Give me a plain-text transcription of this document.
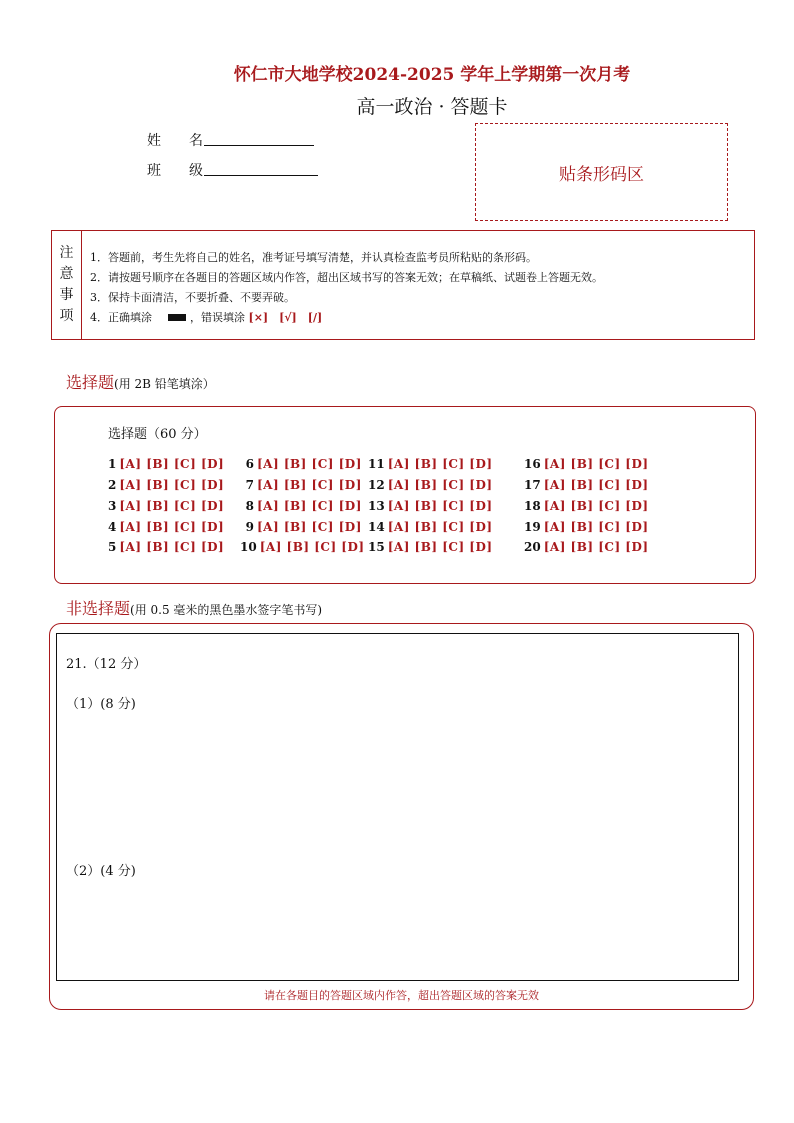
怀仁市大地学校2024-2025 学年上学期第一次月考
高一政治 · 答题卡
姓　　名
班　　级	贴条形码区
注
意
事
项
1．答题前，考生先将自己的姓名，准考证号填写清楚，并认真检查监考员所粘贴的条形码。
2．请按题号顺序在各题目的答题区域内作答，超出区域书写的答案无效；在草稿纸、试题卷上答题无效。
3．保持卡面清洁，不要折叠、不要弄破。
4．正确填涂	，错误填涂 [×]　[√]　[/]
选择题(用 2B 铅笔填涂）
选择题（60 分）
1 [A] [B] [C] [D]
2 [A] [B] [C] [D]
3 [A] [B] [C] [D]
4 [A] [B] [C] [D]
5 [A] [B] [C] [D]
6 [A] [B] [C] [D]
7 [A] [B] [C] [D]
8 [A] [B] [C] [D]
9 [A] [B] [C] [D]
10 [A] [B] [C] [D]
11 [A] [B] [C] [D]
12 [A] [B] [C] [D]
13 [A] [B] [C] [D]
14 [A] [B] [C] [D]
15 [A] [B] [C] [D]
16 [A] [B] [C] [D]
17 [A] [B] [C] [D]
18 [A] [B] [C] [D]
19 [A] [B] [C] [D]
20 [A] [B] [C] [D]
非选择题(用 0.5 毫米的黑色墨水签字笔书写)
21.（12 分）
（1）(8 分)
（2）(4 分)
请在各题目的答题区域内作答，超出答题区域的答案无效
